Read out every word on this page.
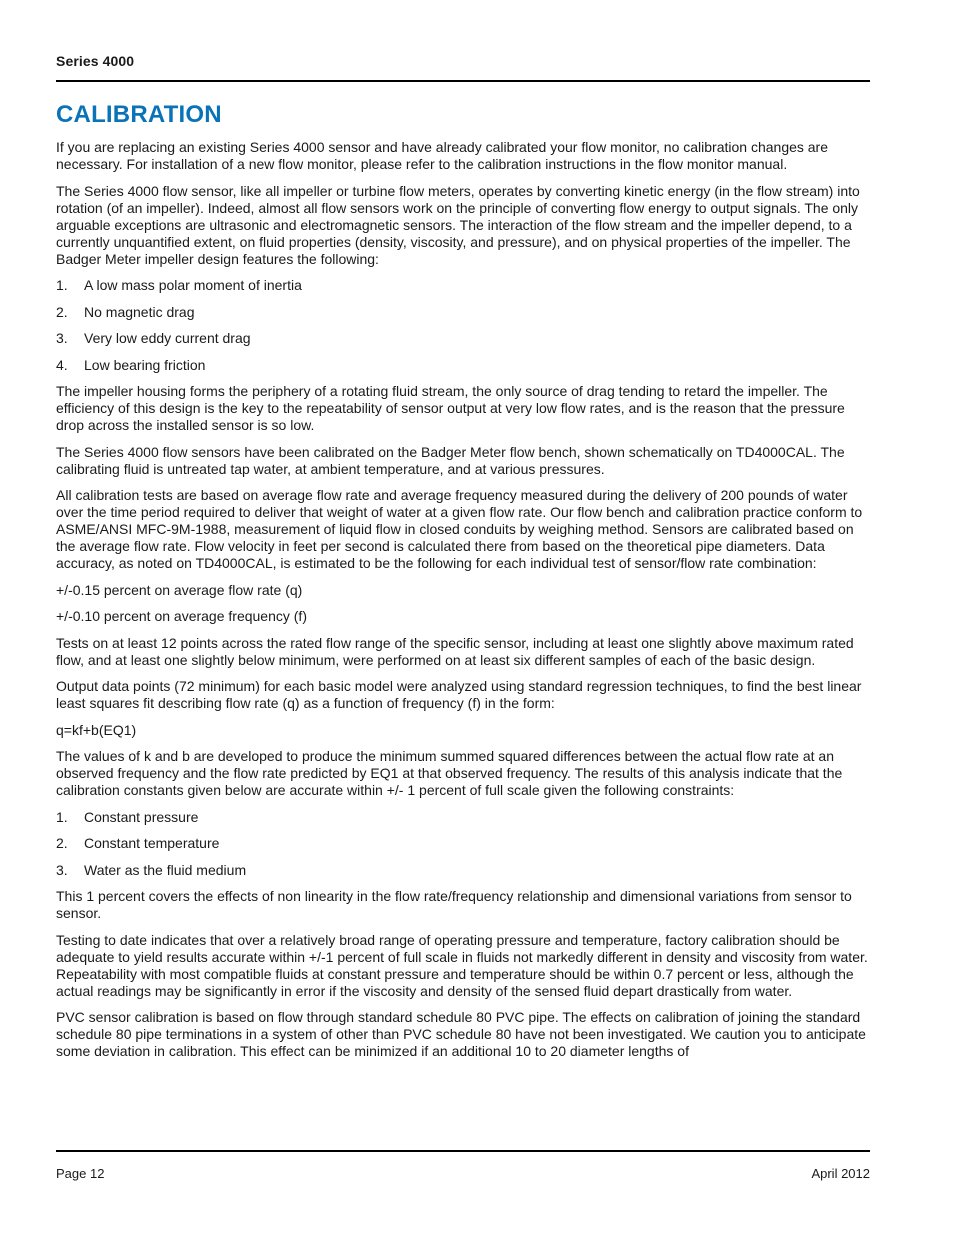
Series 4000
CALIBRATION

If you are replacing an existing Series 4000 sensor and have already calibrated your flow monitor, no calibration changes are necessary. For installation of a new flow monitor, please refer to the calibration instructions in the flow monitor manual.

The Series 4000 flow sensor, like all impeller or turbine flow meters, operates by converting kinetic energy (in the flow stream) into rotation (of an impeller). Indeed, almost all flow sensors work on the principle of converting flow energy to output signals. The only arguable exceptions are ultrasonic and electromagnetic sensors. The interaction of the flow stream and the impeller depend, to a currently unquantified extent, on fluid properties (density, viscosity, and pressure), and on physical properties of the impeller. The Badger Meter impeller design features the following:

1.	A low mass polar moment of inertia
2.	No magnetic drag
3.	Very low eddy current drag
4.	Low bearing friction

The impeller housing forms the periphery of a rotating fluid stream, the only source of drag tending to retard the impeller. The efficiency of this design is the key to the repeatability of sensor output at very low flow rates, and is the reason that the pressure drop across the installed sensor is so low.

The Series 4000 flow sensors have been calibrated on the Badger Meter flow bench, shown schematically on TD4000CAL. The calibrating fluid is untreated tap water, at ambient temperature, and at various pressures.

All calibration tests are based on average flow rate and average frequency measured during the delivery of 200 pounds of water over the time period required to deliver that weight of water at a given flow rate. Our flow bench and calibration practice conform to ASME/ANSI MFC-9M-1988, measurement of liquid flow in closed conduits by weighing method. Sensors are calibrated based on the average flow rate. Flow velocity in feet per second is calculated there from based on the theoretical pipe diameters. Data accuracy, as noted on TD4000CAL, is estimated to be the following for each individual test of sensor/flow rate combination:

+/-0.15 percent on average flow rate (q)

+/-0.10 percent on average frequency (f)

Tests on at least 12 points across the rated flow range of the specific sensor, including at least one slightly above maximum rated flow, and at least one slightly below minimum, were performed on at least six different samples of each of the basic design.

Output data points (72 minimum) for each basic model were analyzed using standard regression techniques, to find the best linear least squares fit describing flow rate (q) as a function of frequency (f) in the form:

q=kf+b(EQ1)

The values of k and b are developed to produce the minimum summed squared differences between the actual flow rate at an observed frequency and the flow rate predicted by EQ1 at that observed frequency. The results of this analysis indicate that the calibration constants given below are accurate within +/- 1 percent of full scale given the following constraints:

1.	Constant pressure
2.	Constant temperature
3.	Water as the fluid medium

This 1 percent covers the effects of non linearity in the flow rate/frequency relationship and dimensional variations from sensor to sensor.

Testing to date indicates that over a relatively broad range of operating pressure and temperature, factory calibration should be adequate to yield results accurate within +/-1 percent of full scale in fluids not markedly different in density and viscosity from water. Repeatability with most compatible fluids at constant pressure and temperature should be within 0.7 percent or less, although the actual readings may be significantly in error if the viscosity and density of the sensed fluid depart drastically from water.

PVC sensor calibration is based on flow through standard schedule 80 PVC pipe. The effects on calibration of joining the standard schedule 80 pipe terminations in a system of other than PVC schedule 80 have not been investigated. We caution you to anticipate some deviation in calibration. This effect can be minimized if an additional 10 to 20 diameter lengths of

Page 12	April 2012
